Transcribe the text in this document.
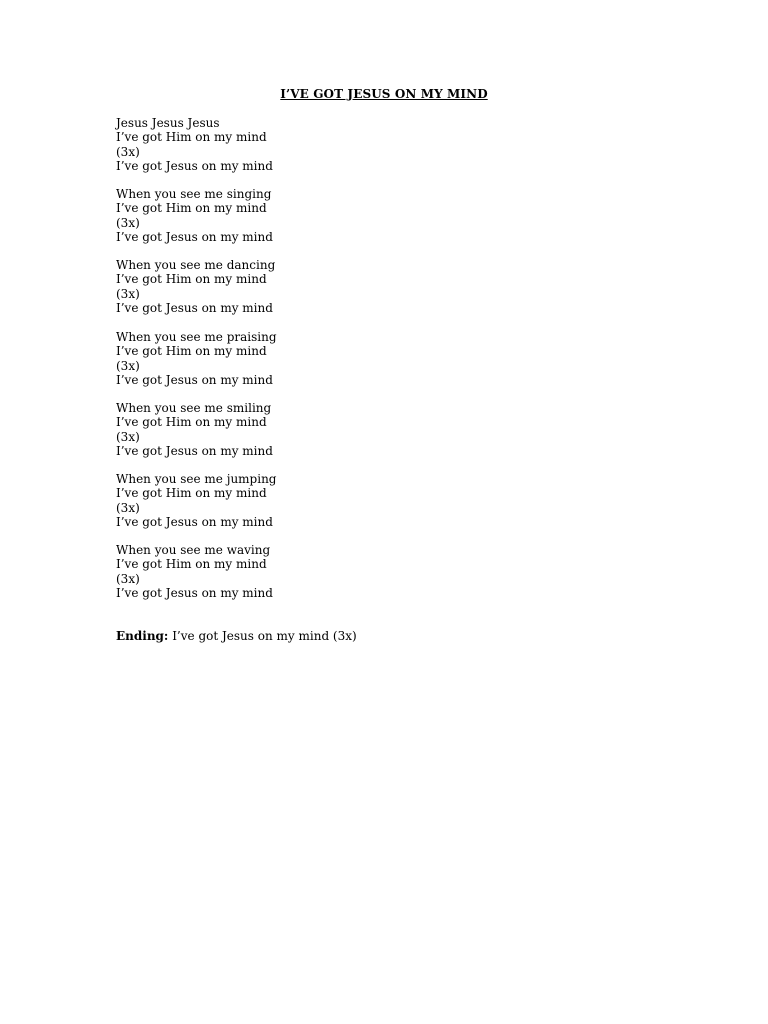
I’VE GOT JESUS ON MY MIND
Jesus Jesus Jesus
I’ve got Him on my mind
(3x)
I’ve got Jesus on my mind
When you see me singing
I’ve got Him on my mind
(3x)
I’ve got Jesus on my mind
When you see me dancing
I’ve got Him on my mind
(3x)
I’ve got Jesus on my mind
When you see me praising
I’ve got Him on my mind
(3x)
I’ve got Jesus on my mind
When you see me smiling
I’ve got Him on my mind
(3x)
I’ve got Jesus on my mind
When you see me jumping
I’ve got Him on my mind
(3x)
I’ve got Jesus on my mind
When you see me waving
I’ve got Him on my mind
(3x)
I’ve got Jesus on my mind
Ending: I’ve got Jesus on my mind (3x)
